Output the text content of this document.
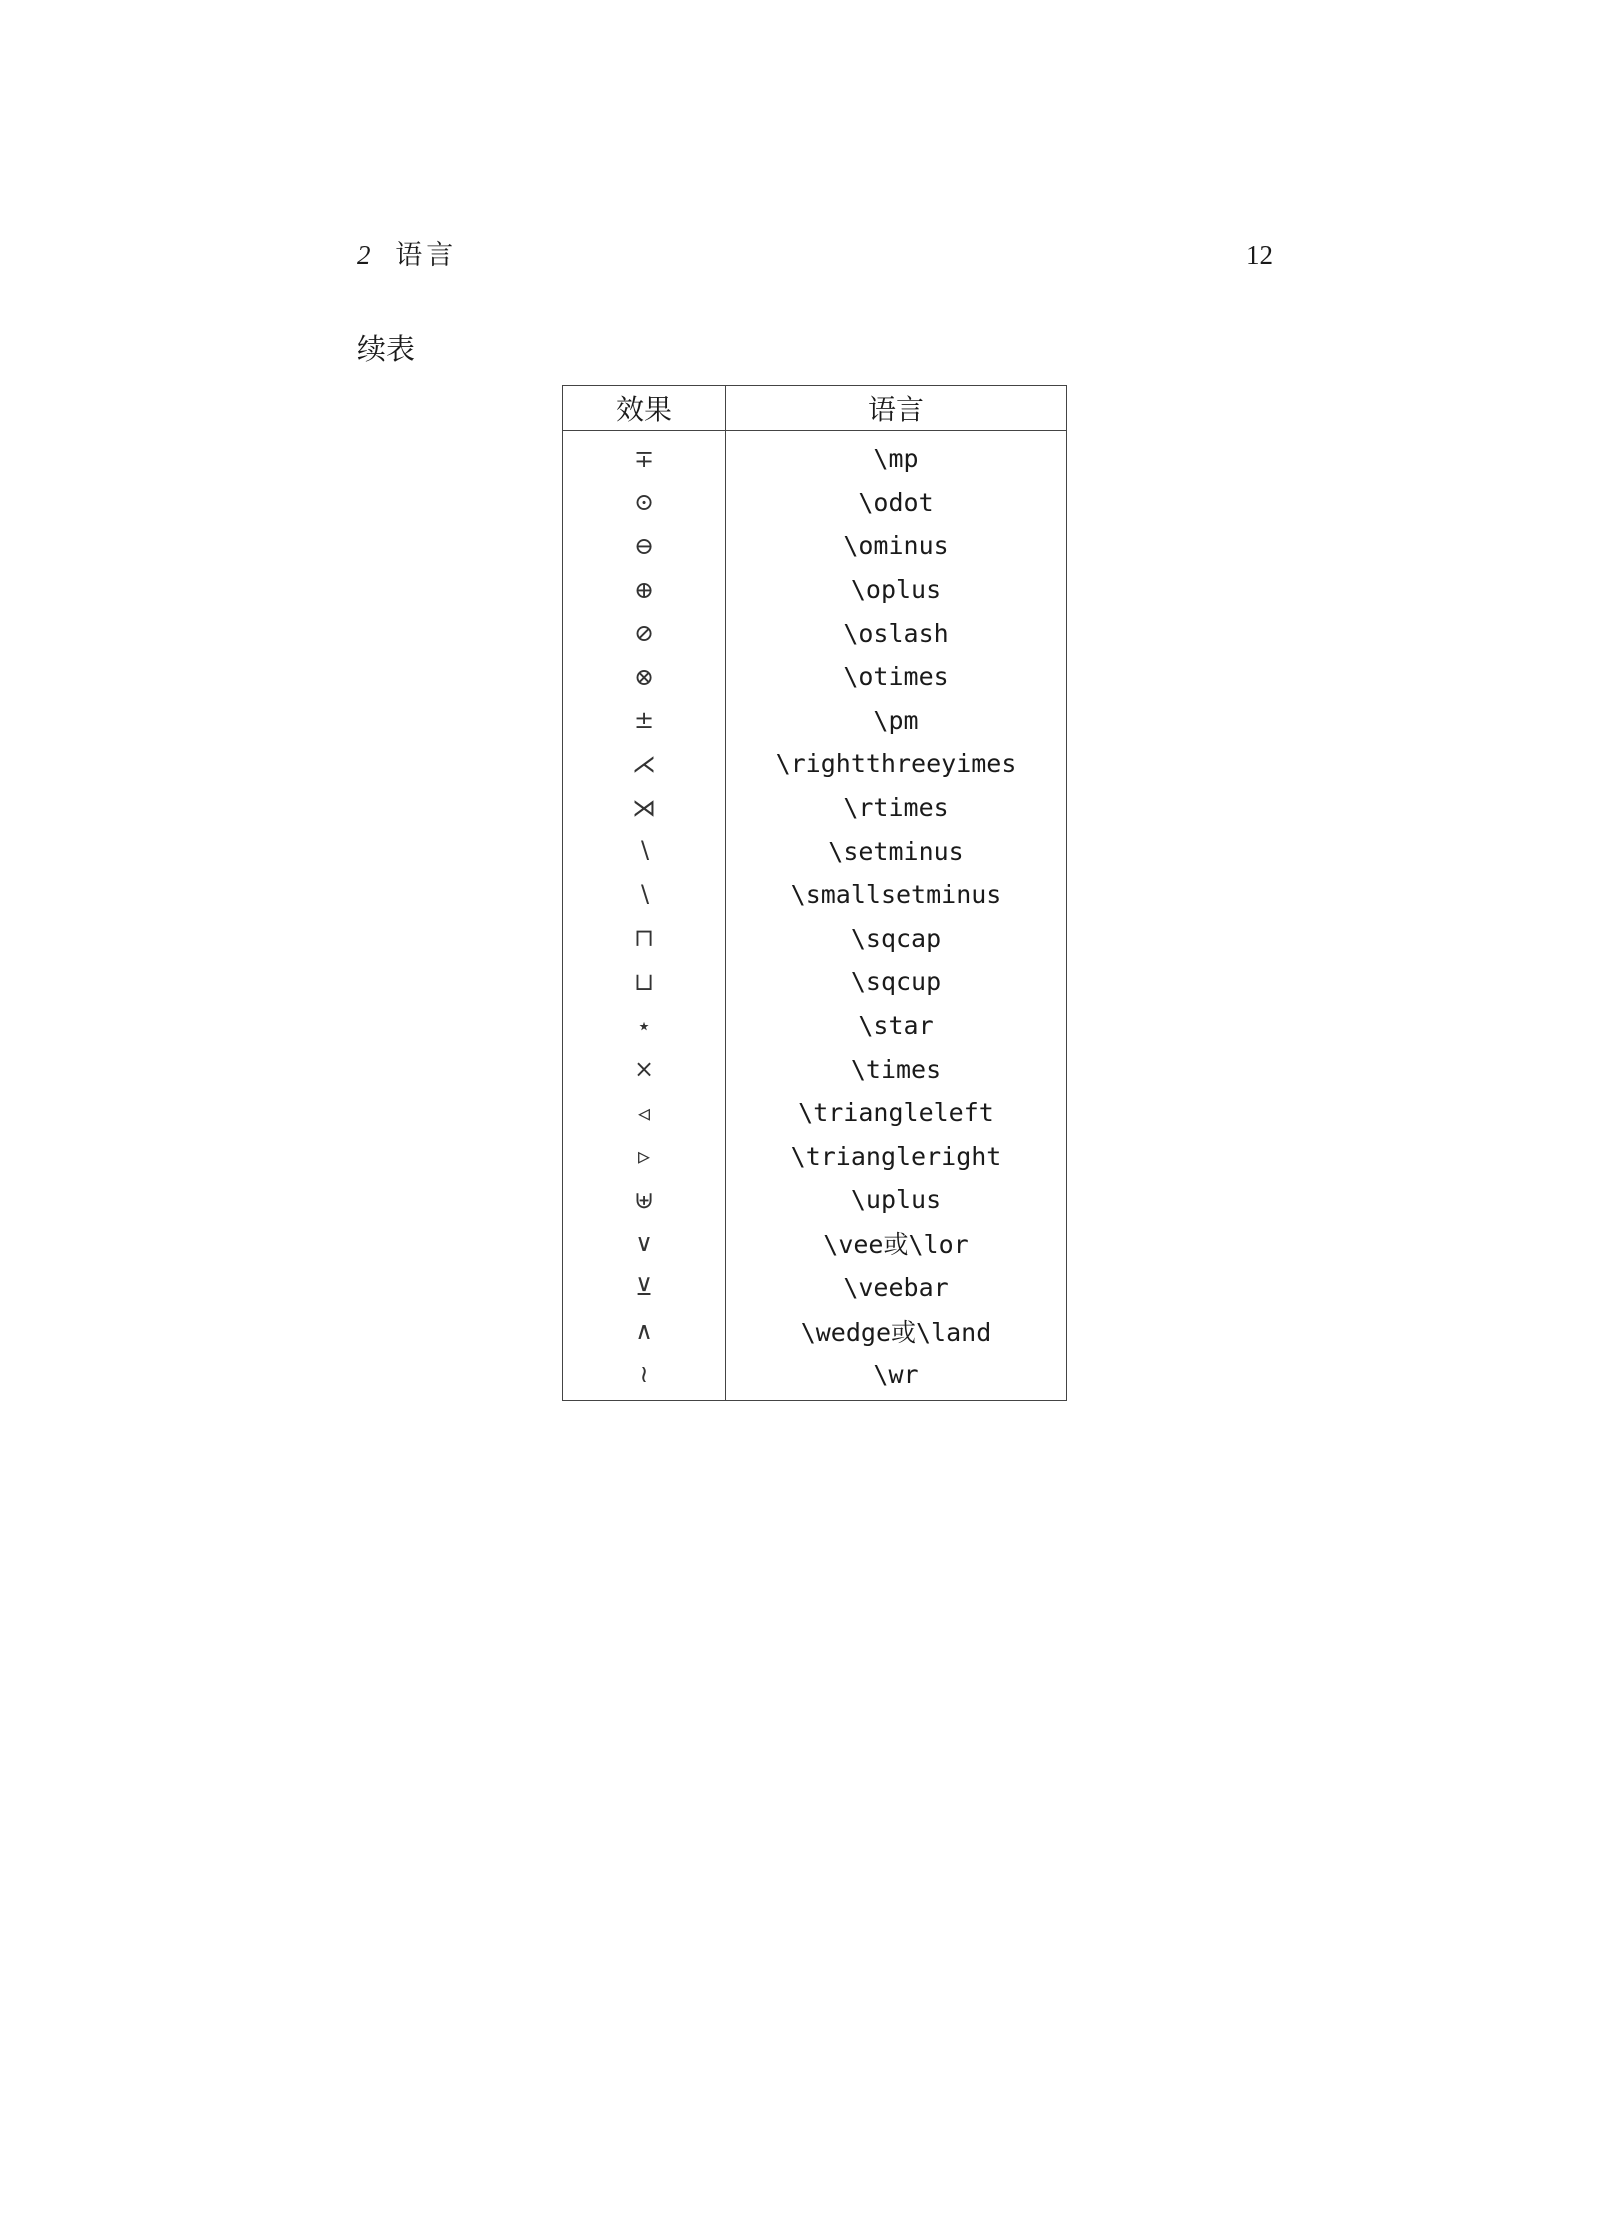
2 语言	12
续表
效果	语言
∓	\mp
⊙	\odot
⊖	\ominus
⊕	\oplus
⊘	\oslash
⊗	\otimes
±	\pm
⋌	\rightthreeyimes
⋊	\rtimes
∖	\setminus
∖	\smallsetminus
⊓	\sqcap
⊔	\sqcup
⋆	\star
×	\times
◃	\triangleleft
▹	\triangleright
⊎	\uplus
∨	\vee或\lor
⊻	\veebar
∧	\wedge或\land
≀	\wr
